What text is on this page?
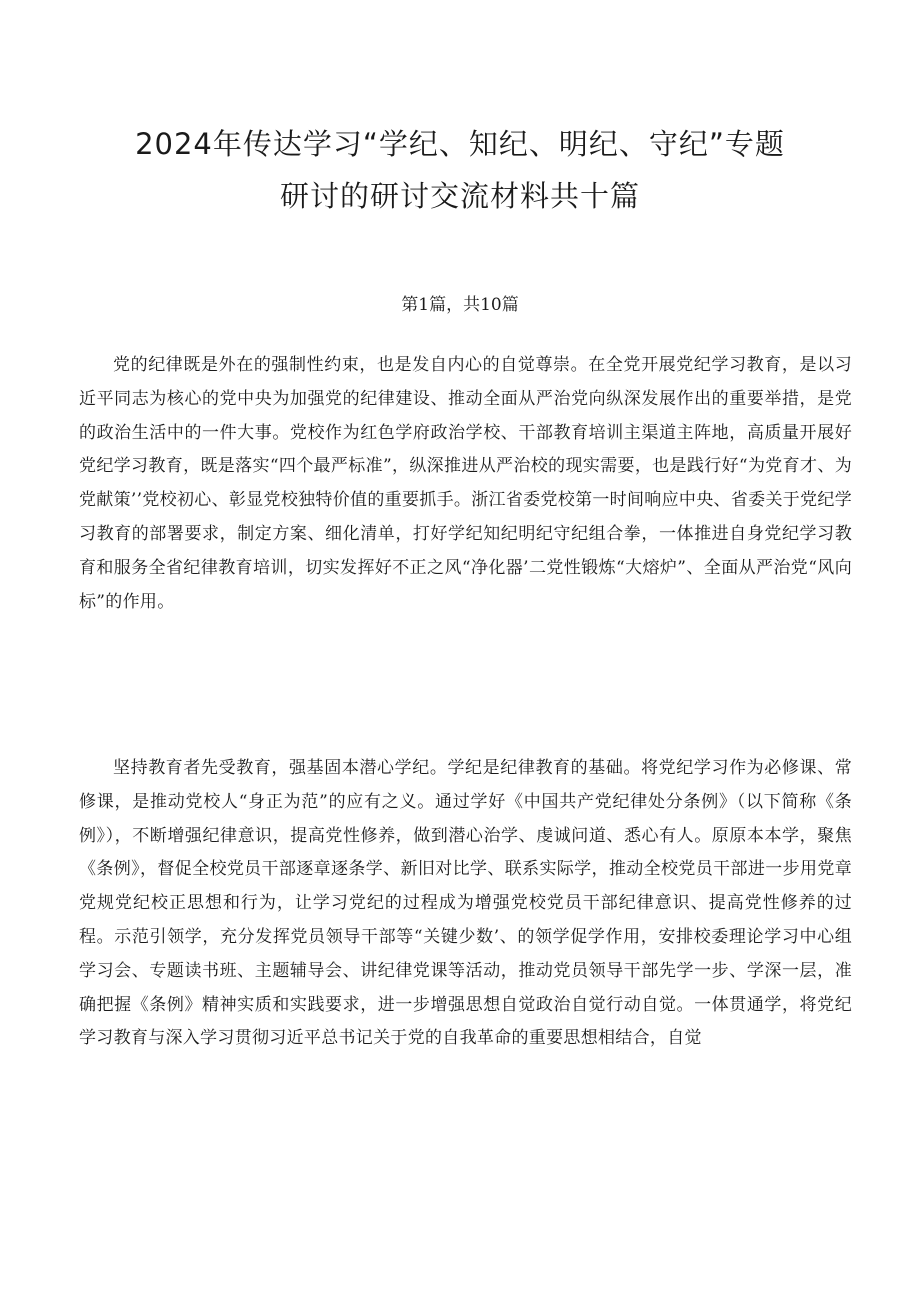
2024年传达学习“学纪、知纪、明纪、守纪”专题
研讨的研讨交流材料共十篇

第1篇，共10篇

党的纪律既是外在的强制性约束，也是发自内心的自觉尊崇。在全党开展党纪学习教育，是以习近平同志为核心的党中央为加强党的纪律建设、推动全面从严治党向纵深发展作出的重要举措，是党的政治生活中的一件大事。党校作为红色学府政治学校、干部教育培训主渠道主阵地，高质量开展好党纪学习教育，既是落实“四个最严标准”，纵深推进从严治校的现实需要，也是践行好“为党育才、为党献策’’党校初心、彰显党校独特价值的重要抓手。浙江省委党校第一时间响应中央、省委关于党纪学习教育的部署要求，制定方案、细化清单，打好学纪知纪明纪守纪组合拳，一体推进自身党纪学习教育和服务全省纪律教育培训，切实发挥好不正之风“净化器’二党性锻炼“大熔炉”、全面从严治党“风向标”的作用。

坚持教育者先受教育，强基固本潜心学纪。学纪是纪律教育的基础。将党纪学习作为必修课、常修课，是推动党校人“身正为范”的应有之义。通过学好《中国共产党纪律处分条例》（以下简称《条例》），不断增强纪律意识，提高党性修养，做到潜心治学、虔诚问道、悉心有人。原原本本学，聚焦《条例》，督促全校党员干部逐章逐条学、新旧对比学、联系实际学，推动全校党员干部进一步用党章党规党纪校正思想和行为，让学习党纪的过程成为增强党校党员干部纪律意识、提高党性修养的过程。示范引领学，充分发挥党员领导干部等“关键少数’、的领学促学作用，安排校委理论学习中心组学习会、专题读书班、主题辅导会、讲纪律党课等活动，推动党员领导干部先学一步、学深一层，准确把握《条例》精神实质和实践要求，进一步增强思想自觉政治自觉行动自觉。一体贯通学，将党纪学习教育与深入学习贯彻习近平总书记关于党的自我革命的重要思想相结合，自觉
